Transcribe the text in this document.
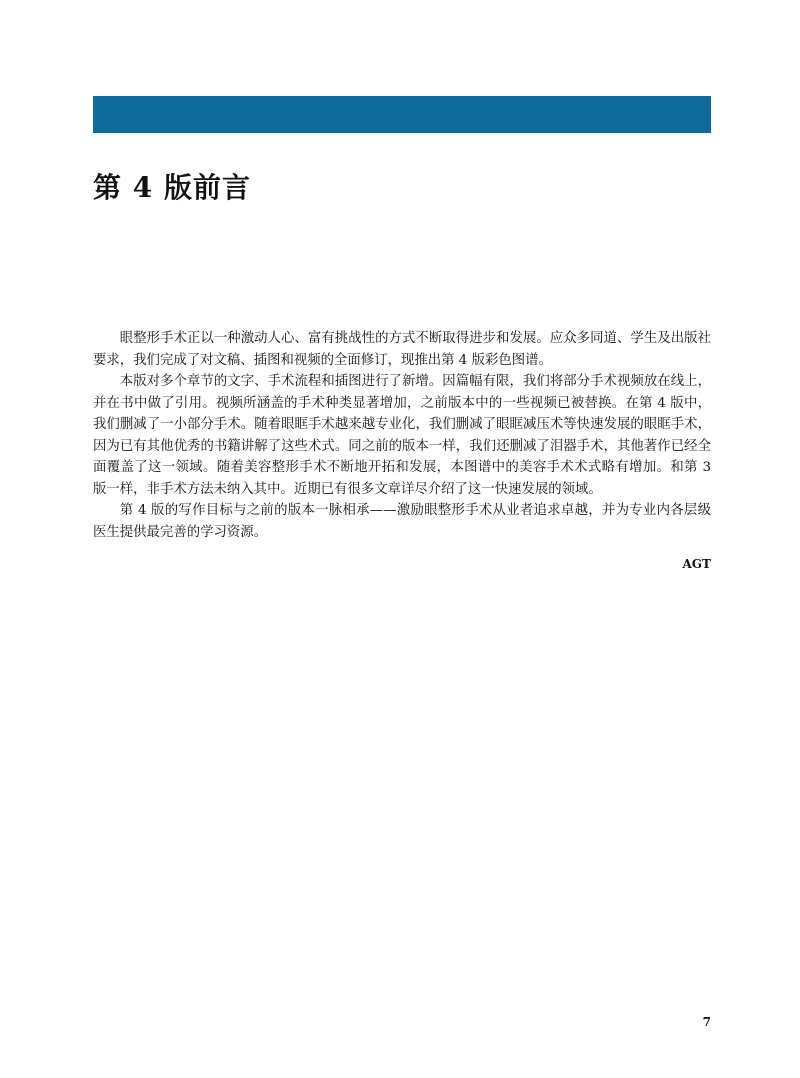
第 4 版前言

眼整形手术正以一种激动人心、富有挑战性的方式不断取得进步和发展。应众多同道、学生及出版社要求，我们完成了对文稿、插图和视频的全面修订，现推出第 4 版彩色图谱。

本版对多个章节的文字、手术流程和插图进行了新增。因篇幅有限，我们将部分手术视频放在线上，并在书中做了引用。视频所涵盖的手术种类显著增加，之前版本中的一些视频已被替换。在第 4 版中，我们删减了一小部分手术。随着眼眶手术越来越专业化，我们删减了眼眶减压术等快速发展的眼眶手术，因为已有其他优秀的书籍讲解了这些术式。同之前的版本一样，我们还删减了泪器手术，其他著作已经全面覆盖了这一领域。随着美容整形手术不断地开拓和发展，本图谱中的美容手术术式略有增加。和第 3 版一样，非手术方法未纳入其中。近期已有很多文章详尽介绍了这一快速发展的领域。

第 4 版的写作目标与之前的版本一脉相承——激励眼整形手术从业者追求卓越，并为专业内各层级医生提供最完善的学习资源。

AGT
7
